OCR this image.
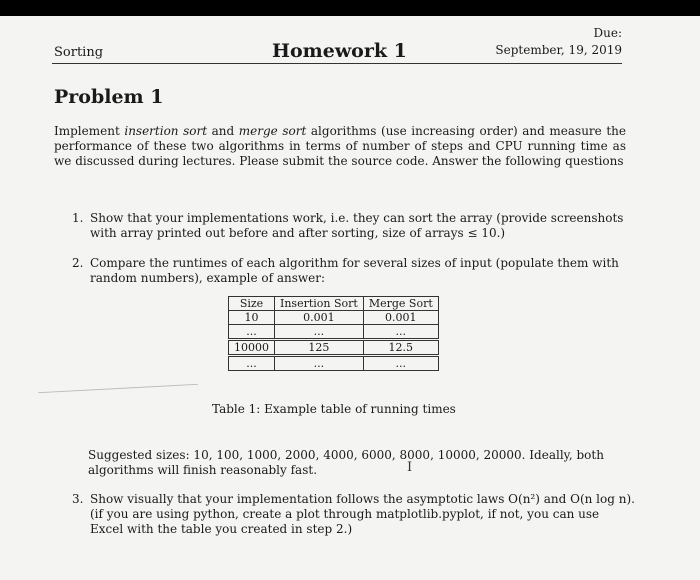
Sorting	Homework 1
Due:
September, 19, 2019
Problem 1
Implement insertion sort and merge sort algorithms (use increasing order) and measure the performance of these two algorithms in terms of number of steps and CPU running time as we discussed during lectures. Please submit the source code. Answer the following questions
1. Show that your implementations work, i.e. they can sort the array (provide screenshots
with array printed out before and after sorting, size of arrays ≤ 10.)
2. Compare the runtimes of each algorithm for several sizes of input (populate them with
random numbers), example of answer:
Size	Insertion Sort	Merge Sort
10	0.001	0.001
...	...	...
10000	125	12.5
...	...	...
Table 1: Example table of running times
Suggested sizes: 10, 100, 1000, 2000, 4000, 6000, 8000, 10000, 20000. Ideally, both
algorithms will finish reasonably fast.	I
3. Show visually that your implementation follows the asymptotic laws O(n²) and O(n log n).
(if you are using python, create a plot through matplotlib.pyplot, if not, you can use
Excel with the table you created in step 2.)
